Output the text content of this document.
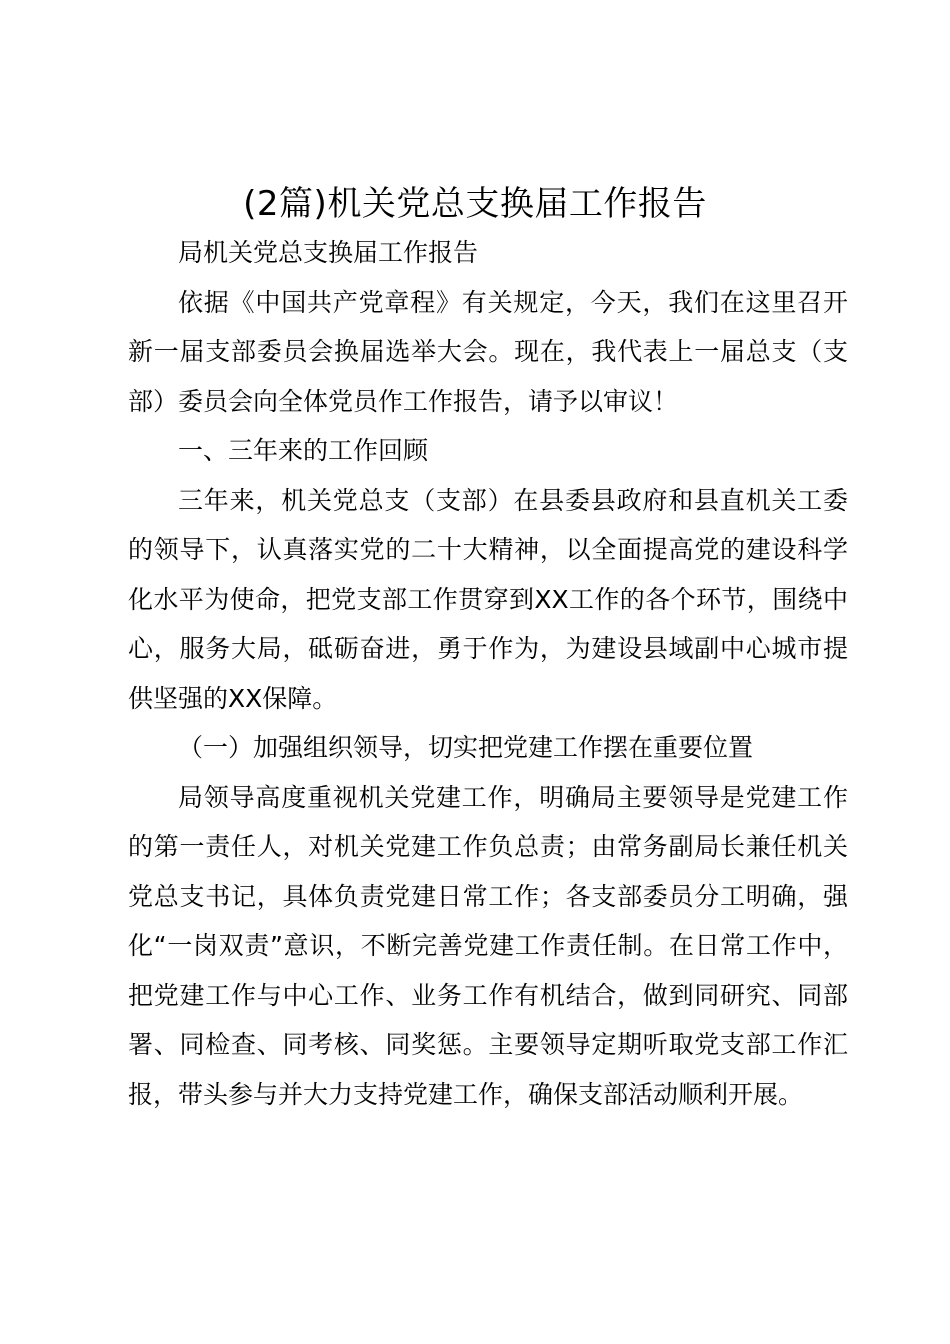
(2篇)机关党总支换届工作报告

局机关党总支换届工作报告

依据《中国共产党章程》有关规定，今天，我们在这里召开新一届支部委员会换届选举大会。现在，我代表上一届总支（支部）委员会向全体党员作工作报告，请予以审议！

一、三年来的工作回顾

三年来，机关党总支（支部）在县委县政府和县直机关工委的领导下，认真落实党的二十大精神，以全面提高党的建设科学化水平为使命，把党支部工作贯穿到XX工作的各个环节，围绕中心，服务大局，砥砺奋进，勇于作为，为建设县域副中心城市提供坚强的XX保障。

（一）加强组织领导，切实把党建工作摆在重要位置

局领导高度重视机关党建工作，明确局主要领导是党建工作的第一责任人，对机关党建工作负总责；由常务副局长兼任机关党总支书记，具体负责党建日常工作；各支部委员分工明确，强化“一岗双责”意识，不断完善党建工作责任制。在日常工作中，把党建工作与中心工作、业务工作有机结合，做到同研究、同部署、同检查、同考核、同奖惩。主要领导定期听取党支部工作汇报，带头参与并大力支持党建工作，确保支部活动顺利开展。
